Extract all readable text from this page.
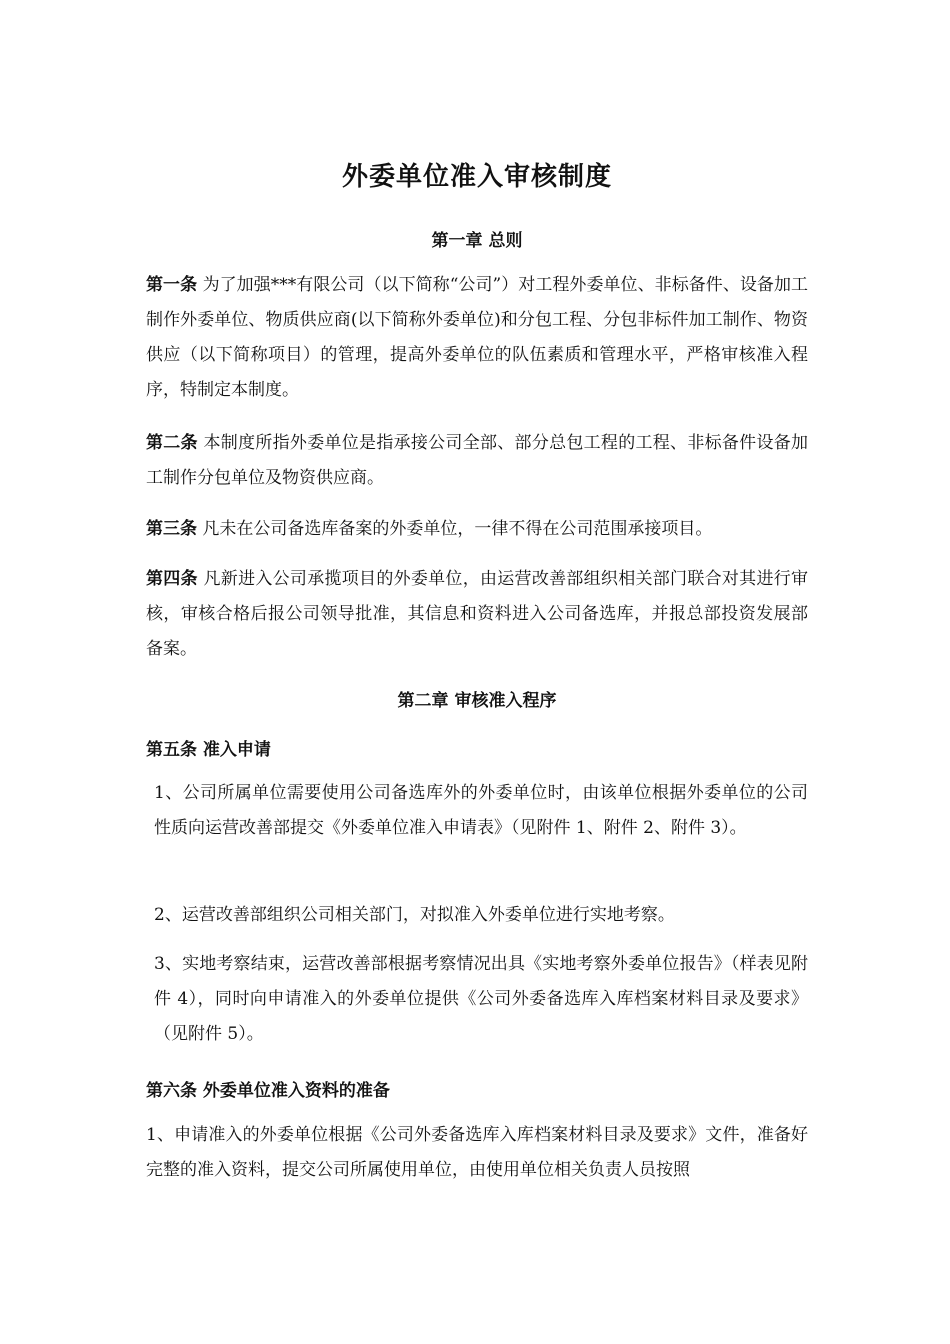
外委单位准入审核制度
第一章 总则
第一条 为了加强***有限公司（以下简称“公司”）对工程外委单位、非标备件、设备加工制作外委单位、物质供应商(以下简称外委单位)和分包工程、分包非标件加工制作、物资供应（以下简称项目）的管理，提高外委单位的队伍素质和管理水平，严格审核准入程序，特制定本制度。
第二条 本制度所指外委单位是指承接公司全部、部分总包工程的工程、非标备件设备加工制作分包单位及物资供应商。
第三条 凡未在公司备选库备案的外委单位，一律不得在公司范围承接项目。
第四条 凡新进入公司承揽项目的外委单位，由运营改善部组织相关部门联合对其进行审核，审核合格后报公司领导批准，其信息和资料进入公司备选库，并报总部投资发展部备案。
第二章 审核准入程序
第五条 准入申请
1、公司所属单位需要使用公司备选库外的外委单位时，由该单位根据外委单位的公司性质向运营改善部提交《外委单位准入申请表》（见附件 1、附件 2、附件 3）。
2、运营改善部组织公司相关部门，对拟准入外委单位进行实地考察。
3、实地考察结束，运营改善部根据考察情况出具《实地考察外委单位报告》（样表见附件 4），同时向申请准入的外委单位提供《公司外委备选库入库档案材料目录及要求》（见附件 5）。
第六条 外委单位准入资料的准备
1、申请准入的外委单位根据《公司外委备选库入库档案材料目录及要求》文件，准备好完整的准入资料，提交公司所属使用单位，由使用单位相关负责人员按照
